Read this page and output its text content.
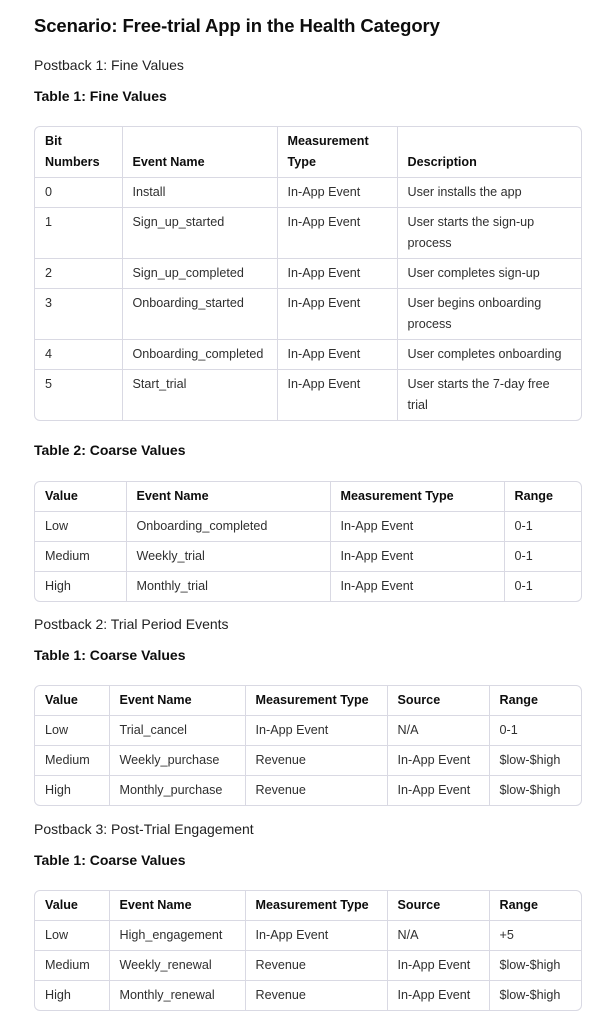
Scenario: Free-trial App in the Health Category
Postback 1: Fine Values
Table 1: Fine Values
Bit Numbers	Event Name	Measurement Type	Description
0	Install	In-App Event	User installs the app
1	Sign_up_started	In-App Event	User starts the sign-up process
2	Sign_up_completed	In-App Event	User completes sign-up
3	Onboarding_started	In-App Event	User begins onboarding process
4	Onboarding_completed	In-App Event	User completes onboarding
5	Start_trial	In-App Event	User starts the 7-day free trial
Table 2: Coarse Values
Value	Event Name	Measurement Type	Range
Low	Onboarding_completed	In-App Event	0-1
Medium	Weekly_trial	In-App Event	0-1
High	Monthly_trial	In-App Event	0-1
Postback 2: Trial Period Events
Table 1: Coarse Values
Value	Event Name	Measurement Type	Source	Range
Low	Trial_cancel	In-App Event	N/A	0-1
Medium	Weekly_purchase	Revenue	In-App Event	$low-$high
High	Monthly_purchase	Revenue	In-App Event	$low-$high
Postback 3: Post-Trial Engagement
Table 1: Coarse Values
Value	Event Name	Measurement Type	Source	Range
Low	High_engagement	In-App Event	N/A	+5
Medium	Weekly_renewal	Revenue	In-App Event	$low-$high
High	Monthly_renewal	Revenue	In-App Event	$low-$high
